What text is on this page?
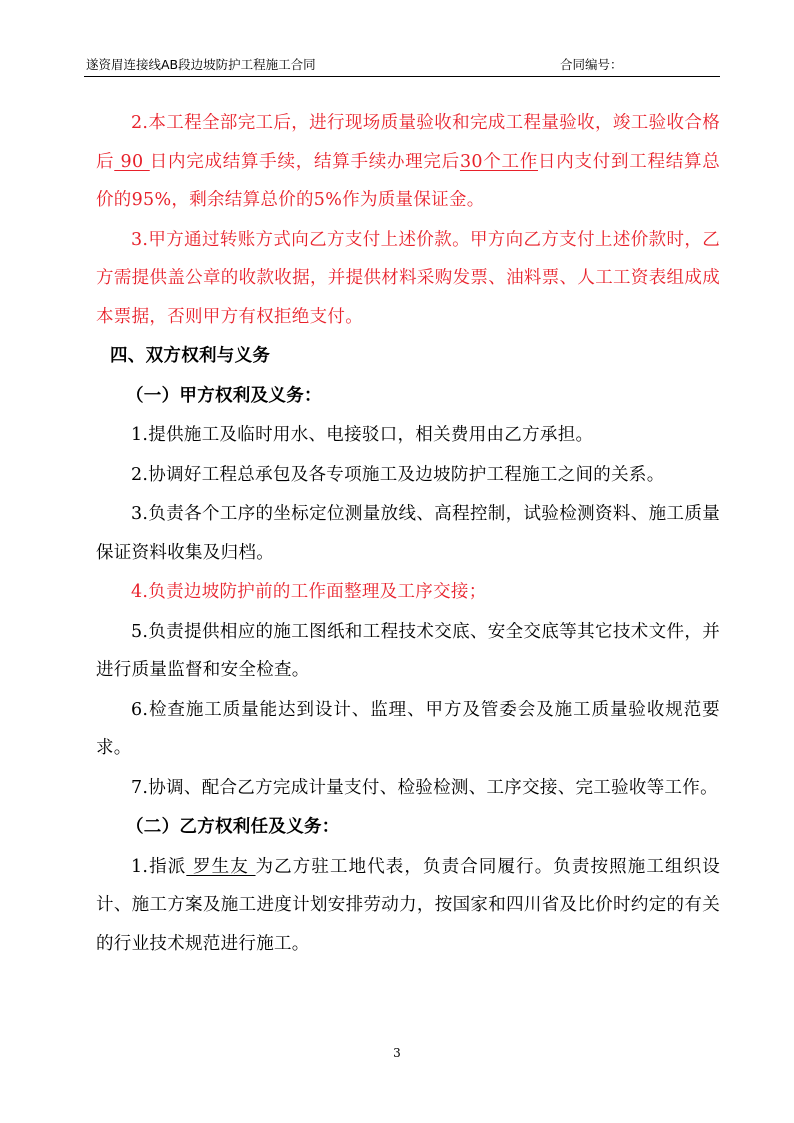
遂资眉连接线AB段边坡防护工程施工合同	合同编号：

2.本工程全部完工后，进行现场质量验收和完成工程量验收，竣工验收合格后 90 日内完成结算手续，结算手续办理完后30个工作日内支付到工程结算总价的95%，剩余结算总价的5%作为质量保证金。

3.甲方通过转账方式向乙方支付上述价款。甲方向乙方支付上述价款时，乙方需提供盖公章的收款收据，并提供材料采购发票、油料票、人工工资表组成成本票据，否则甲方有权拒绝支付。

四、双方权利与义务

（一）甲方权利及义务：

1.提供施工及临时用水、电接驳口，相关费用由乙方承担。

2.协调好工程总承包及各专项施工及边坡防护工程施工之间的关系。

3.负责各个工序的坐标定位测量放线、高程控制，试验检测资料、施工质量保证资料收集及归档。

4.负责边坡防护前的工作面整理及工序交接；

5.负责提供相应的施工图纸和工程技术交底、安全交底等其它技术文件，并进行质量监督和安全检查。

6.检查施工质量能达到设计、监理、甲方及管委会及施工质量验收规范要求。

7.协调、配合乙方完成计量支付、检验检测、工序交接、完工验收等工作。

（二）乙方权利任及义务：

1.指派 罗生友 为乙方驻工地代表，负责合同履行。负责按照施工组织设计、施工方案及施工进度计划安排劳动力，按国家和四川省及比价时约定的有关的行业技术规范进行施工。

3
